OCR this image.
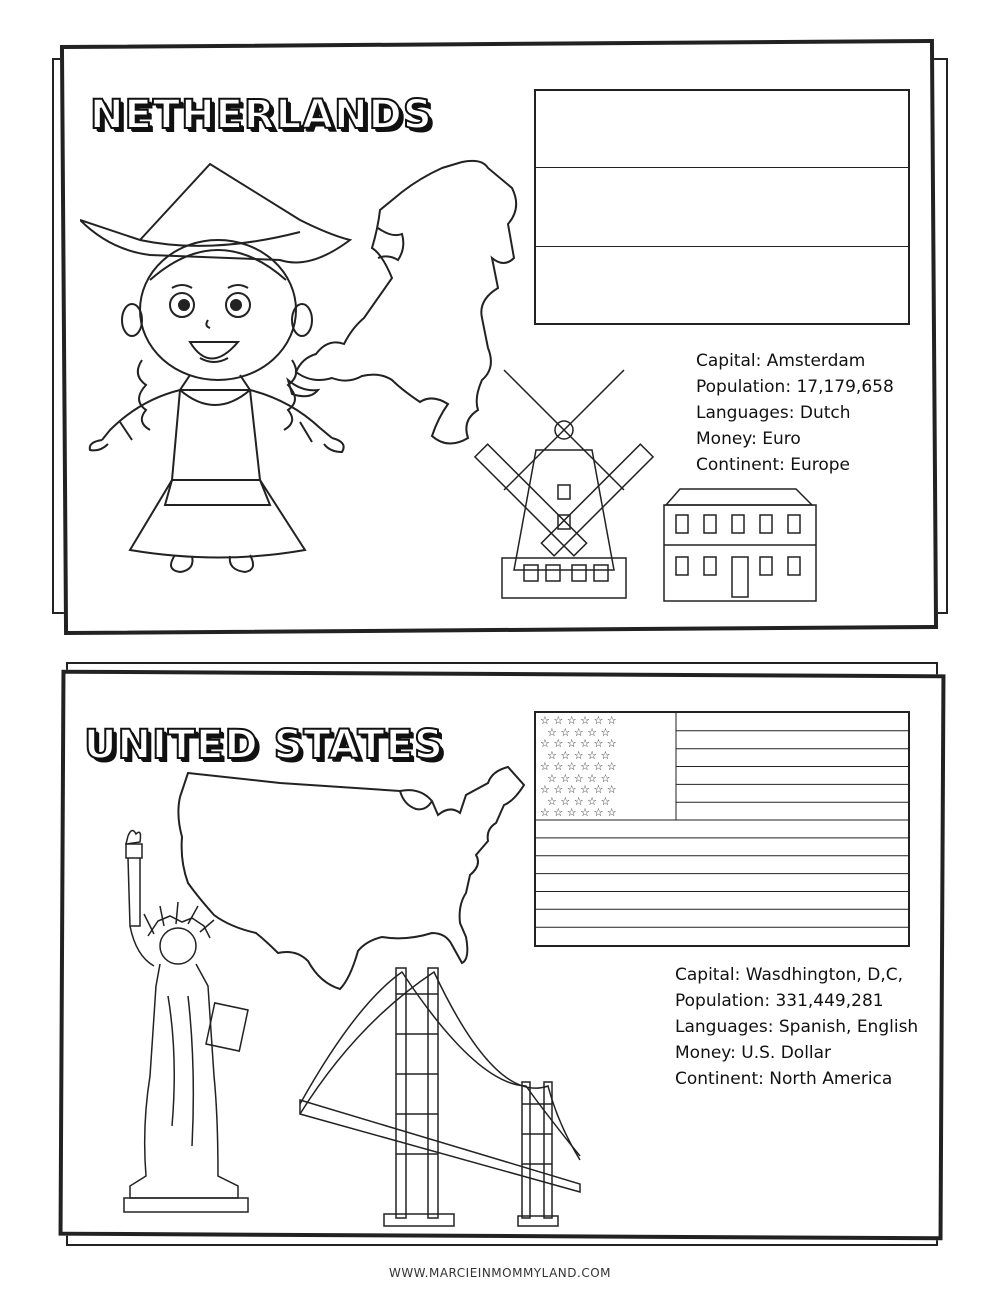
NETHERLANDS
Capital: Amsterdam
Population: 17,179,658
Languages: Dutch
Money: Euro
Continent: Europe
UNITED STATES
☆☆☆☆☆☆
☆☆☆☆☆
☆☆☆☆☆☆
☆☆☆☆☆
☆☆☆☆☆☆
☆☆☆☆☆
☆☆☆☆☆☆
☆☆☆☆☆
☆☆☆☆☆☆
Capital: Wasdhington, D,C,
Population: 331,449,281
Languages: Spanish, English
Money: U.S. Dollar
Continent: North America
WWW.MARCIEINMOMMYLAND.COM
